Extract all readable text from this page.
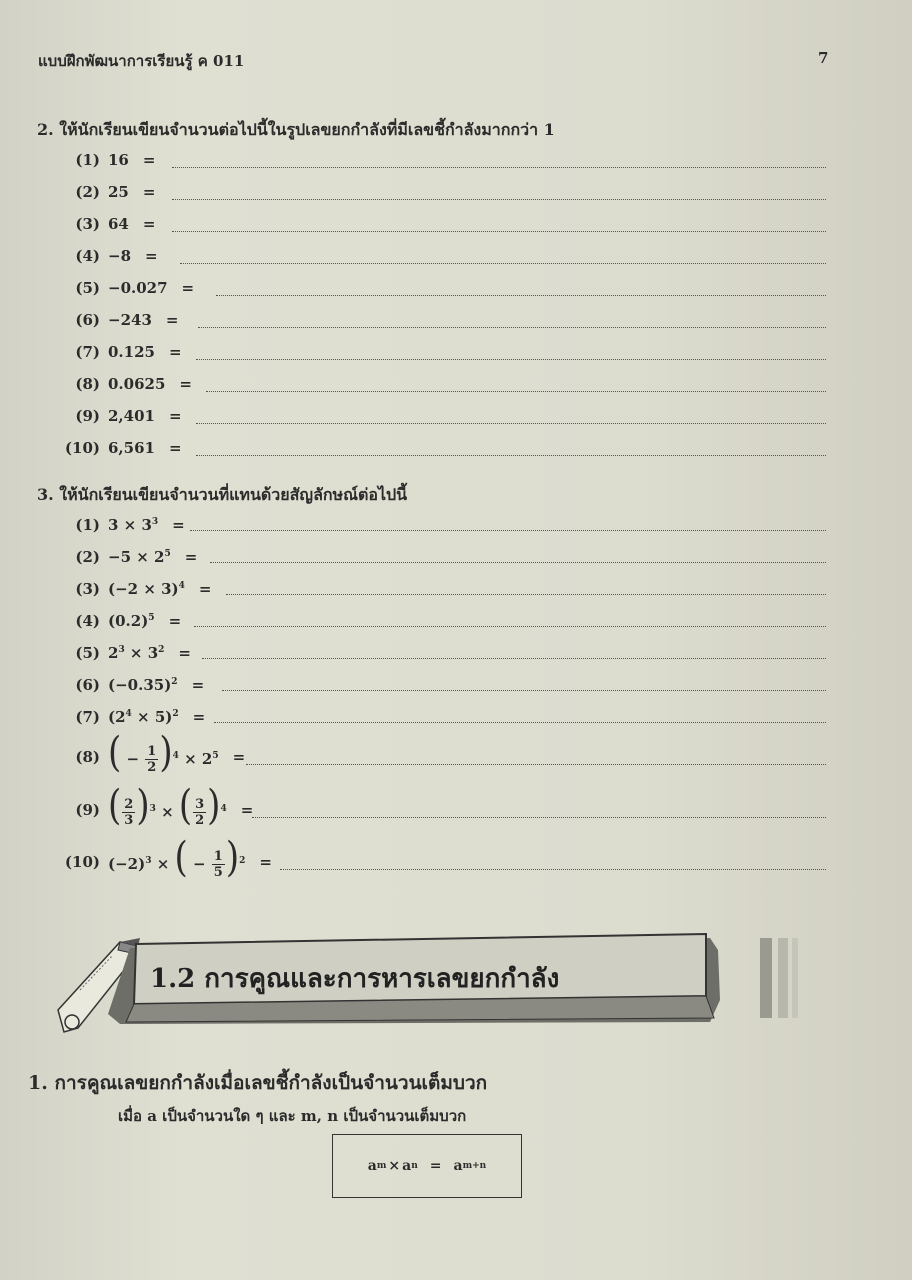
แบบฝึกพัฒนาการเรียนรู้ ค 011	7
2. ให้นักเรียนเขียนจำนวนต่อไปนี้ในรูปเลขยกกำลังที่มีเลขชี้กำลังมากกว่า 1
(1) 16 =
(2) 25 =
(3) 64 =
(4) −8 =
(5) −0.027 =
(6) −243 =
(7) 0.125 =
(8) 0.0625 =
(9) 2,401 =
(10) 6,561 =
3. ให้นักเรียนเขียนจำนวนที่แทนด้วยสัญลักษณ์ต่อไปนี้
(1) $3 \times 3^3$ =
$(2) -5 \times 2^5$ =
(3) $(-2 \times 3)^4$ =
(4) $(0.2)^5$ =
(5) $2^3 \times 3^2$ =
(6) $(-0.35)^2$ =
(7) $(2^4 \times 5)^2$ =
(8) ( − $\frac{1}{2} )^4 \times 2^5$ =
(9) ( $\frac{2}{3} )^3$ × ( $\frac{3}{2} )^4$ =
(10) $(-2)^3$ × ( − $\frac{1}{5} )^2$ =
1.2 การคูณและการหารเลขยกกำลัง
1. การคูณเลขยกกำลังเมื่อเลขชี้กำลังเป็นจำนวนเต็มบวก
เมื่อ a เป็นจำนวนใด ๆ และ m, n เป็นจำนวนเต็มบวก
a m × a n = a m+n
